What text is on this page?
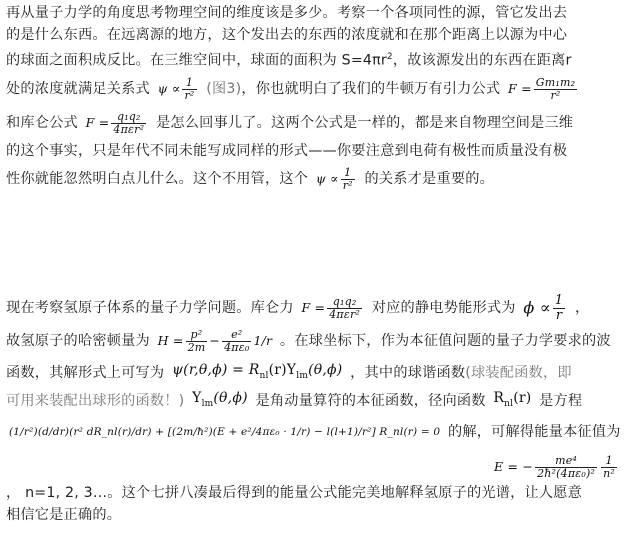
再从量子力学的角度思考物理空间的维度该是多少。考察一个各项同性的源，管它发出去
的是什么东西。在远离源的地方，这个发出去的东西的浓度就和在那个距离上以源为中心
的球面之面积成反比。在三维空间中，球面的面积为 $S=4\pi r^2$，故该源发出的东西在距离r
处的浓度就满足关系式 $\psi \propto \frac{1}{\text{r²}}$ (图3)，你也就明白了我们的牛顿万有引力公式 $F = \frac{\text{Gm₁m₂}}{\text{r²}}$
和库仑公式 $F = \frac{\text{q₁q₂}}{\text{4πεr²}}$ 是怎么回事儿了。这两个公式是一样的，都是来自物理空间是三维
的这个事实，只是年代不同未能写成同样的形式——你要注意到电荷有极性而质量没有极
性你就能忽然明白点儿什么。这个不用管，这个 $\psi \propto \frac{1}{\text{r²}}$ 的关系才是重要的。
现在考察氢原子体系的量子力学问题。库仑力 $F = \frac{\text{q₁q₂}}{\text{4πεr²}}$ 对应的静电势能形式为 $\phi \propto \frac{1}{r}$ ，
故氢原子的哈密顿量为 $H = \frac{\text{p²}}{2m} - \frac{\text{e²}}{\text{4πε₀}} 1/r$ 。在球坐标下，作为本征值问题的量子力学要求的波
函数，其解形式上可写为 $\psi(r,\theta,\phi) = R_{nl}(r)Y_{lm}(\theta,\phi)$ ，其中的球谐函数(球装配函数，即
可用来装配出球形的函数！) $Y_{lm}(\theta,\phi)$ 是角动量算符的本征函数，径向函数 $R_{nl}(r)$ 是方程
(1/r²)(d/dr)(r² dR_nl(r)/dr) + [(2m/ħ²)(E + e²/4πε₀ · 1/r) − l(l+1)/r²] R_nl(r) = 0 的解，可解得能量本征值为
E = − $\frac{\text{me⁴}}{\text{2ħ²(4πε₀)²}} \frac{1}{\text{n²}}$
， n=1, 2, 3…。这个七拼八凑最后得到的能量公式能完美地解释氢原子的光谱，让人愿意
相信它是正确的。
